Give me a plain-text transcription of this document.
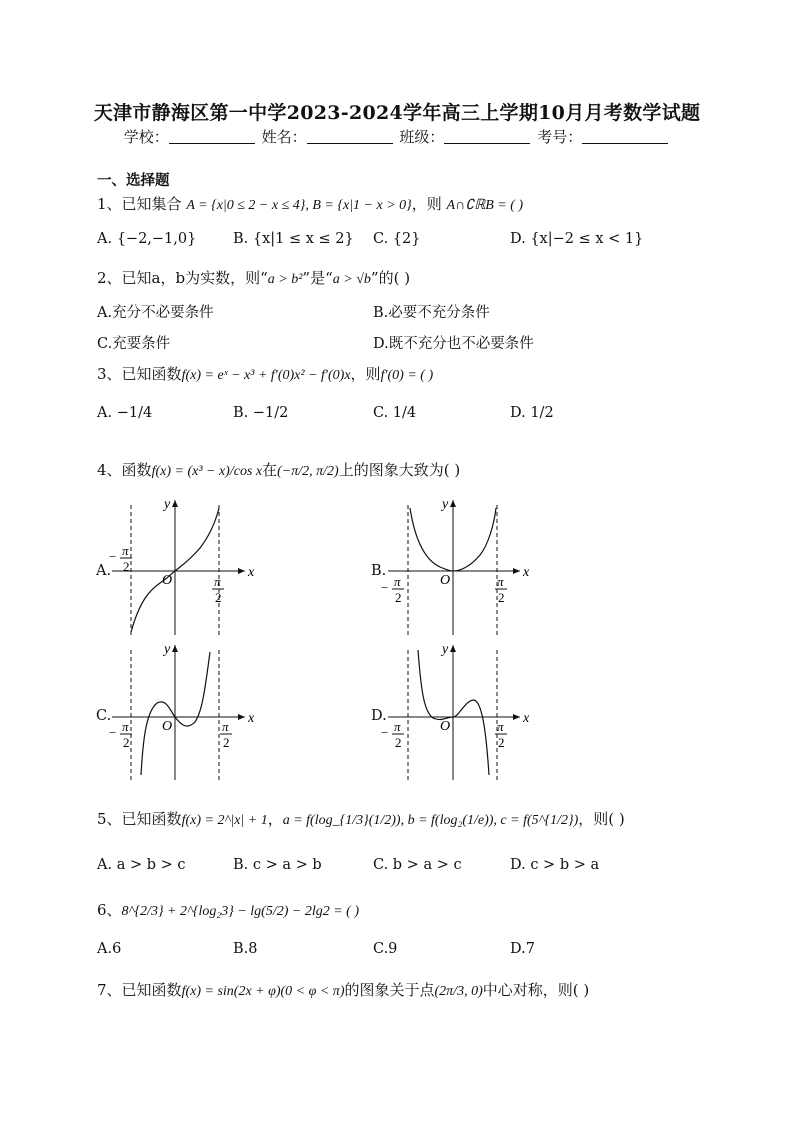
天津市静海区第一中学2023-2024学年高三上学期10月月考数学试题
学校：	姓名：	班级：	考号：
一、选择题
1、已知集合 A = {x|0 ≤ 2 − x ≤ 4}, B = {x|1 − x > 0}，则 A∩∁ℝB = ( )
A. {−2,−1,0}	B. {x|1 ≤ x ≤ 2} C. {2}	D. {x|−2 ≤ x < 1}
2、已知a，b为实数，则“a > b²”是“a > √b”的( )
A.充分不必要条件	B.必要不充分条件
C.充要条件	D.既不充分也不必要条件
3、已知函数f(x) = eˣ − x³ + f′(0)x² − f′(0)x，则f′(0) = ( )
A. −1/4	B. −1/2	C. 1/4	D. 1/2
4、函数f(x) = (x³ − x)/cos x在(−π/2, π/2)上的图象大致为( )
A.	B.
C.	D.
y
x
O
− π
2
π
2
y
x
O
− π
2
π
2
y
x
O
− π
2
π
2
y
x
O
− π
2
π
2
5、已知函数f(x) = 2^|x| + 1，a = f(log_{1/3}(1/2)), b = f(log₂(1/e)), c = f(5^{1/2})，则( )
A. a > b > c	B. c > a > b	C. b > a > c	D. c > b > a
6、8^{2/3} + 2^{log₂3} − lg(5/2) − 2lg2 = ( )
A.6	B.8	C.9	D.7
7、已知函数f(x) = sin(2x + φ)(0 < φ < π)的图象关于点(2π/3, 0)中心对称，则( )
